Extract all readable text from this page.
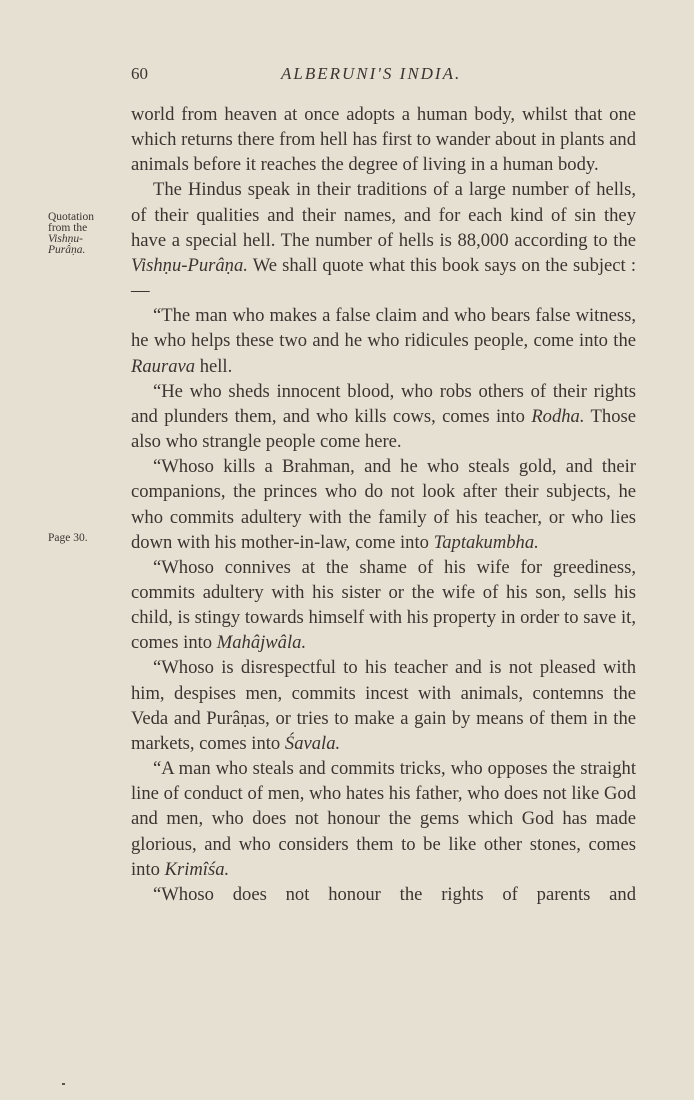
60	ALBERUNI'S INDIA.
Quotation
from the
Vishṇu-
Purâṇa.
Page 30.

world from heaven at once adopts a human body, whilst that one which returns there from hell has first to wander about in plants and animals before it reaches the degree of living in a human body.

The Hindus speak in their traditions of a large number of hells, of their qualities and their names, and for each kind of sin they have a special hell. The number of hells is 88,000 according to the Vishṇu-Purâṇa. We shall quote what this book says on the subject :—

“The man who makes a false claim and who bears false witness, he who helps these two and he who ridicules people, come into the Raurava hell.

“He who sheds innocent blood, who robs others of their rights and plunders them, and who kills cows, comes into Rodha. Those also who strangle people come here.

“Whoso kills a Brahman, and he who steals gold, and their companions, the princes who do not look after their subjects, he who commits adultery with the family of his teacher, or who lies down with his mother-in-law, come into Taptakumbha.

“Whoso connives at the shame of his wife for greediness, commits adultery with his sister or the wife of his son, sells his child, is stingy towards himself with his property in order to save it, comes into Mahâjwâla.

“Whoso is disrespectful to his teacher and is not pleased with him, despises men, commits incest with animals, contemns the Veda and Purâṇas, or tries to make a gain by means of them in the markets, comes into Śavala.

“A man who steals and commits tricks, who opposes the straight line of conduct of men, who hates his father, who does not like God and men, who does not honour the gems which God has made glorious, and who considers them to be like other stones, comes into Krimîśa.

“Whoso does not honour the rights of parents and
